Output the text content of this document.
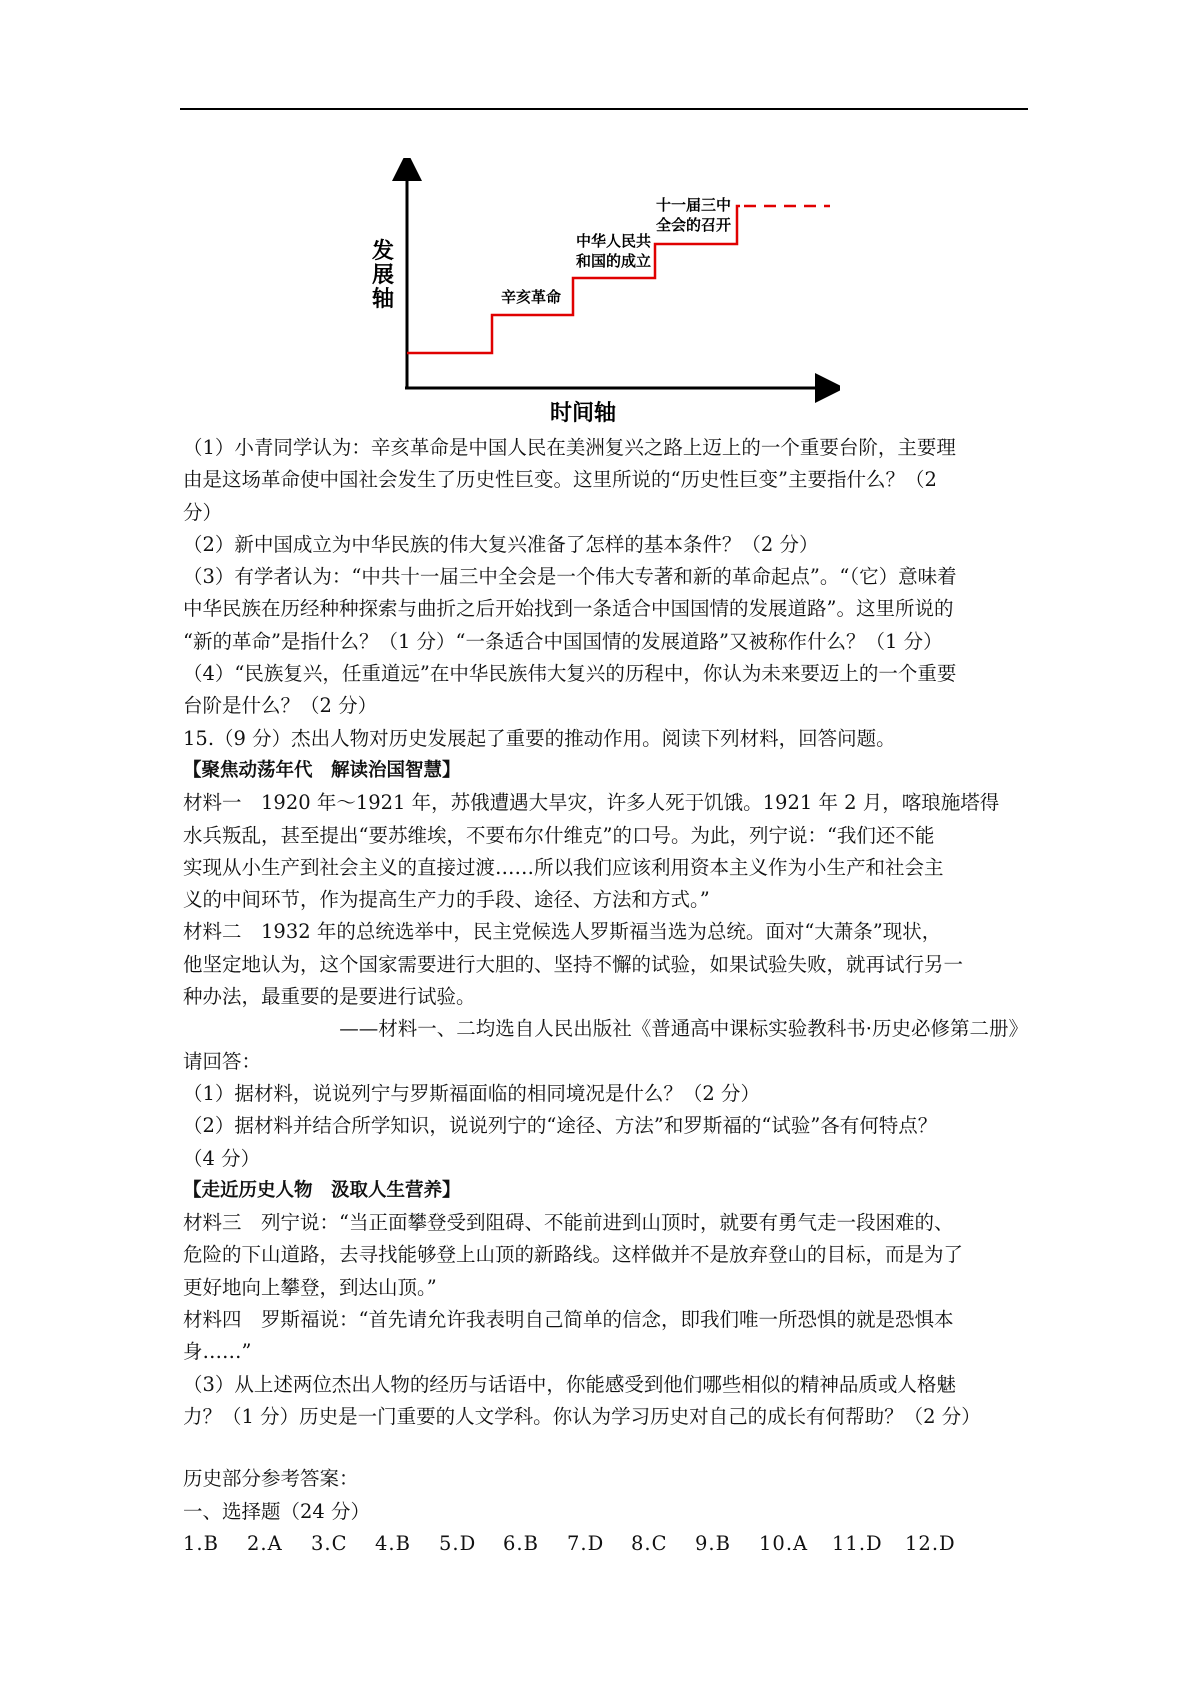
发
展
轴
时间轴
辛亥革命
中华人民共
和国的成立
十一届三中
全会的召开
（1）小青同学认为：辛亥革命是中国人民在美洲复兴之路上迈上的一个重要台阶，主要理
由是这场革命使中国社会发生了历史性巨变。这里所说的“历史性巨变”主要指什么？（2
分）
（2）新中国成立为中华民族的伟大复兴准备了怎样的基本条件？（2 分）
（3）有学者认为：“中共十一届三中全会是一个伟大专著和新的革命起点”。“（它）意味着
中华民族在历经种种探索与曲折之后开始找到一条适合中国国情的发展道路”。这里所说的
“新的革命”是指什么？（1 分）“一条适合中国国情的发展道路”又被称作什么？（1 分）
（4）“民族复兴，任重道远”在中华民族伟大复兴的历程中，你认为未来要迈上的一个重要
台阶是什么？（2 分）
15.（9 分）杰出人物对历史发展起了重要的推动作用。阅读下列材料，回答问题。
【聚焦动荡年代　解读治国智慧】
材料一　1920 年～1921 年，苏俄遭遇大旱灾，许多人死于饥饿。1921 年 2 月，喀琅施塔得
水兵叛乱，甚至提出“要苏维埃，不要布尔什维克”的口号。为此，列宁说：“我们还不能
实现从小生产到社会主义的直接过渡……所以我们应该利用资本主义作为小生产和社会主
义的中间环节，作为提高生产力的手段、途径、方法和方式。”
材料二　1932 年的总统选举中，民主党候选人罗斯福当选为总统。面对“大萧条”现状，
他坚定地认为，这个国家需要进行大胆的、坚持不懈的试验，如果试验失败，就再试行另一
种办法，最重要的是要进行试验。
——材料一、二均选自人民出版社《普通高中课标实验教科书·历史必修第二册》
请回答：
（1）据材料，说说列宁与罗斯福面临的相同境况是什么？（2 分）
（2）据材料并结合所学知识，说说列宁的“途径、方法”和罗斯福的“试验”各有何特点？
（4 分）
【走近历史人物　汲取人生营养】
材料三　列宁说：“当正面攀登受到阻碍、不能前进到山顶时，就要有勇气走一段困难的、
危险的下山道路，去寻找能够登上山顶的新路线。这样做并不是放弃登山的目标，而是为了
更好地向上攀登，到达山顶。”
材料四　罗斯福说：“首先请允许我表明自己简单的信念，即我们唯一所恐惧的就是恐惧本
身……”
（3）从上述两位杰出人物的经历与话语中，你能感受到他们哪些相似的精神品质或人格魅
力？（1 分）历史是一门重要的人文学科。你认为学习历史对自己的成长有何帮助？（2 分）
历史部分参考答案：
一、选择题（24 分）
1.B	2.A	3.C	4.B	5.D	6.B	7.D	8.C	9.B	10.A	11.D	12.D
